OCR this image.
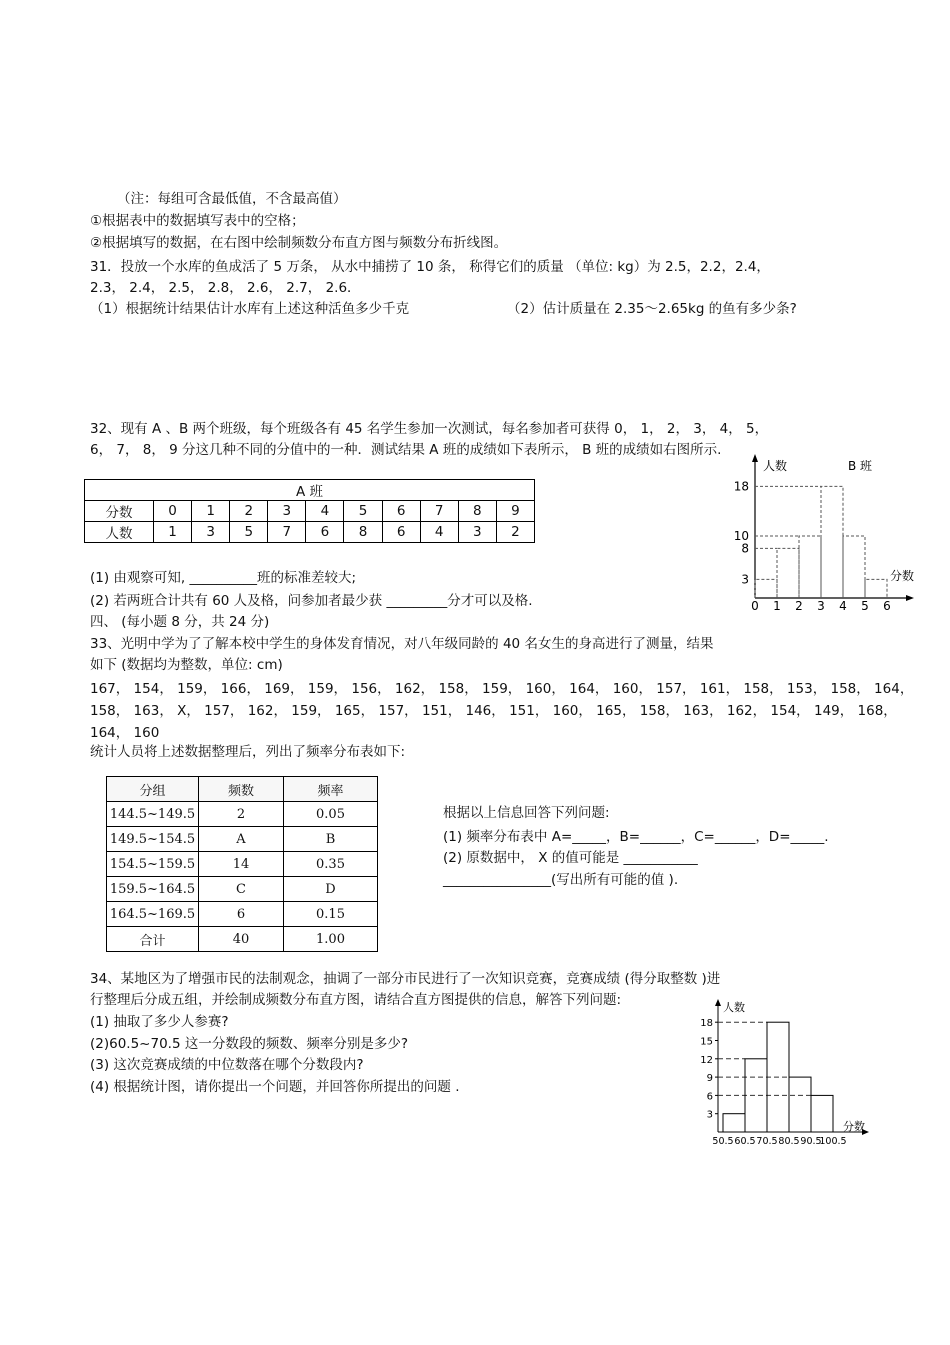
（注：每组可含最低值，不含最高值）
①根据表中的数据填写表中的空格；
②根据填写的数据，在右图中绘制频数分布直方图与频数分布折线图。
31．投放一个水库的鱼成活了 5 万条， 从水中捕捞了 10 条， 称得它们的质量 （单位: kg）为 2.5，2.2，2.4，
2.3， 2.4， 2.5， 2.8， 2.6， 2.7， 2.6．
（1）根据统计结果估计水库有上述这种活鱼多少千克	（2）估计质量在 2.35～2.65kg 的鱼有多少条?
32、现有 A 、B 两个班级，每个班级各有 45 名学生参加一次测试，每名参加者可获得 0， 1， 2， 3， 4， 5，
6， 7， 8， 9 分这几种不同的分值中的一种．测试结果 A 班的成绩如下表所示， B 班的成绩如右图所示.
A 班										
分数	0	1	2	3	4	5	6	7	8	9
人数	1	3	5	7	6	8	6	4	3	2
(1) 由观察可知, __________班的标准差较大;
(2) 若两班合计共有 60 人及格，问参加者最少获 _________分才可以及格.
人数	B 班
分数
3
8
10
18
0 1 2 3 4 5 6
四、 (每小题 8 分，共 24 分)
33、光明中学为了了解本校中学生的身体发育情况，对八年级同龄的 40 名女生的身高进行了测量，结果
如下 (数据均为整数，单位: cm)
167， 154， 159， 166， 169， 159， 156， 162， 158， 159， 160， 164， 160， 157， 161， 158， 153， 158， 164，
158， 163， X， 157， 162， 159， 165， 157， 151， 146， 151， 160， 165， 158， 163， 162， 154， 149， 168，
164， 160
统计人员将上述数据整理后，列出了频率分布表如下:
分组	频数	频率
144.5~149.5	2	0.05
149.5~154.5	A	B
154.5~159.5	14	0.35
159.5~164.5	C	D
164.5~169.5	6	0.15
合计	40	1.00
根据以上信息回答下列问题:
(1) 频率分布表中 A=_____，B=______，C=______，D=_____.
(2) 原数据中， X 的值可能是 ___________
________________(写出所有可能的值 ).
34、某地区为了增强市民的法制观念，抽调了一部分市民进行了一次知识竞赛，竞赛成绩 (得分取整数 )进
行整理后分成五组，并绘制成频数分布直方图，请结合直方图提供的信息，解答下列问题:
(1) 抽取了多少人参赛?
(2)60.5~70.5 这一分数段的频数、频率分别是多少?
(3) 这次竞赛成绩的中位数落在哪个分数段内?
(4) 根据统计图，请你提出一个问题，并回答你所提出的问题 .
人数
分数
3
6
9
12
15
18
50.5 60.5 70.5 80.5 90.5
100.5
